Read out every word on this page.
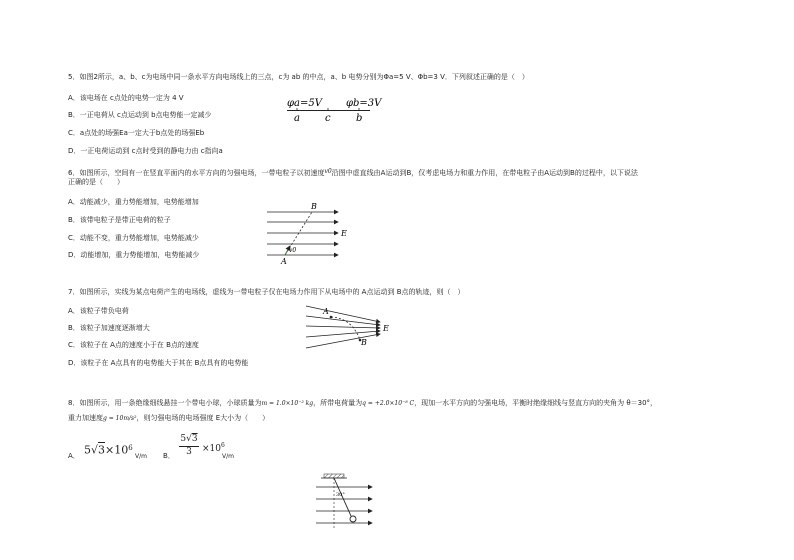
5．如图2所示，a、b、c为电场中同一条水平方向电场线上的三点，c为 ab 的中点，a、b 电势分别为Φa=5 V、Φb=3 V．下列叙述正确的是（　）
A．该电场在 c点处的电势一定为 4 V
B．一正电荷从 c点运动到 b点电势能一定减少
C．a点处的场强Ea一定大于b点处的场强Eb
D．一正电荷运动到 c点时受到的静电力由 c指向a
φa=5V φb=3V
a	c	b
6．如图所示，空间有一在竖直平面内的水平方向的匀强电场，一带电粒子以初速度v0沿图中虚直线由A运动到B，仅考虑电场力和重力作用，在带电粒子由A运动到B的过程中，以下说法
正确的是（　　）
A．动能减少，重力势能增加，电势能增加
B．该带电粒子是带正电荷的粒子
C．动能不变，重力势能增加，电势能减少
D．动能增加，重力势能增加，电势能减少
B
E
v0
A
7．如图所示，实线为某点电荷产生的电场线，虚线为一带电粒子仅在电场力作用下从电场中的 A点运动到 B点的轨迹，则（　）
A．该粒子带负电荷
B．该粒子加速度逐渐增大
C．该粒子在 A点的速度小于在 B点的速度
D．该粒子在 A点具有的电势能大于其在 B点具有的电势能
A
B
E
8．如图所示，用一条绝缘细线悬挂一个带电小球，小球质量为m = 1.0×10⁻² kg，所带电荷量为q = +2.0×10⁻⁸ C，现加一水平方向的匀强电场，平衡时绝缘细线与竖直方向的夹角为 θ＝30°，
重力加速度g = 10m/s²，则匀强电场的电场强度 E大小为（　　）
A． $5√3\times 10^6$
V/m B．
5√3
3	$\times 10^6$
V/m
30°
